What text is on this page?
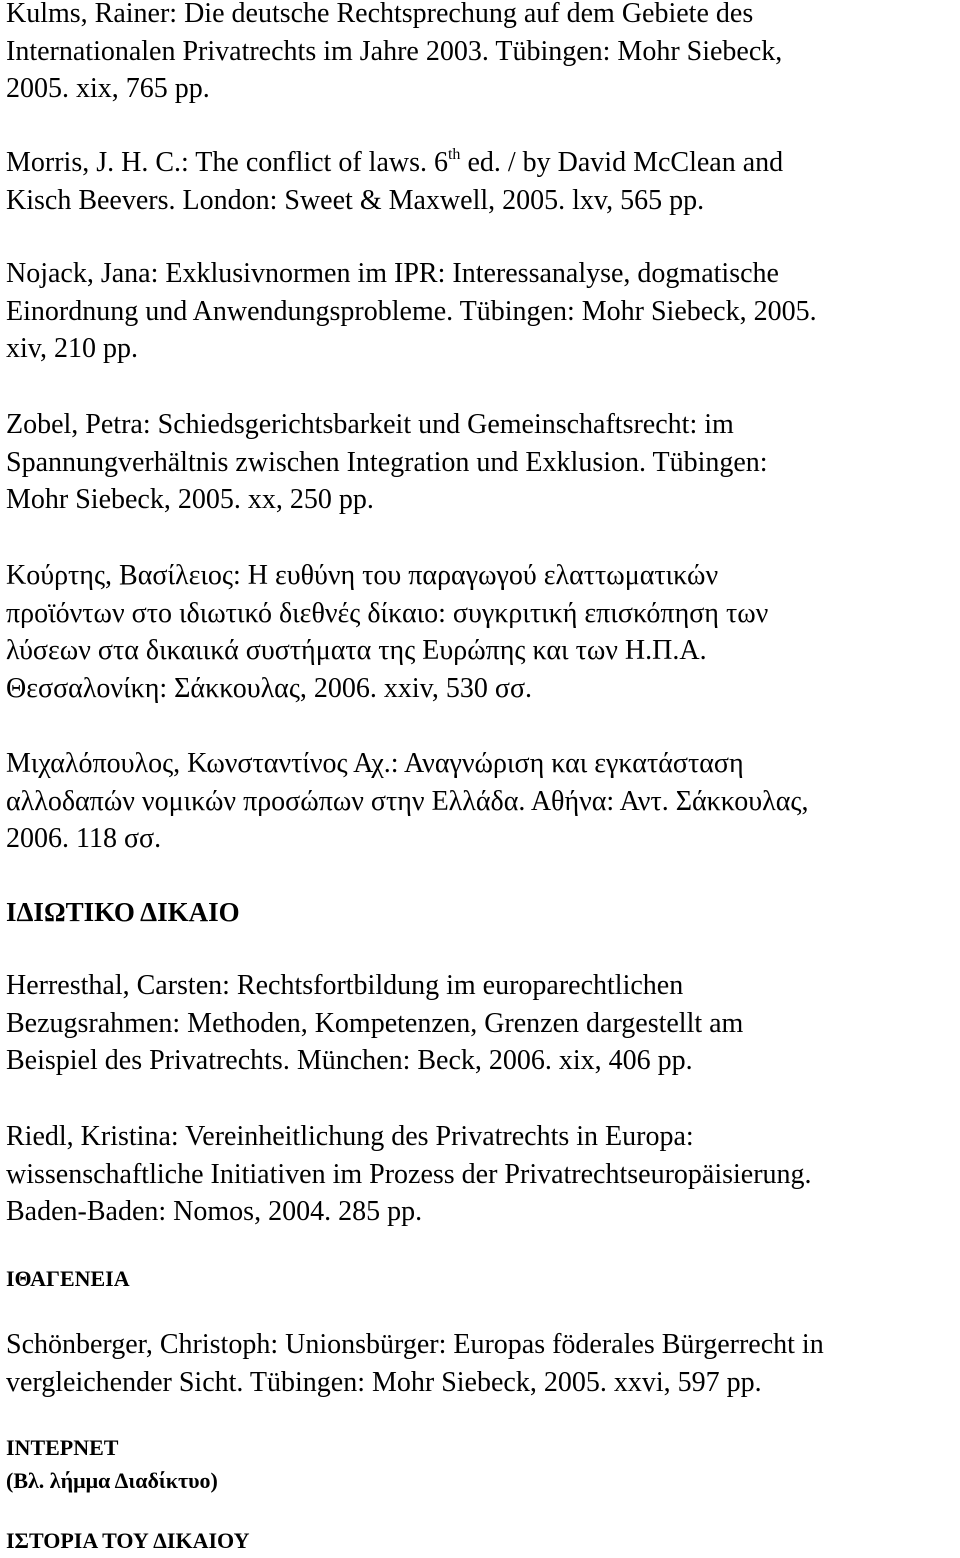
Kulms, Rainer: Die deutsche Rechtsprechung auf dem Gebiete des
Internationalen Privatrechts im Jahre 2003. Tübingen: Mohr Siebeck,
2005. xix, 765 pp.
Morris, J. H. C.: The conflict of laws. 6th ed. / by David McClean and
Kisch Beevers. London: Sweet & Maxwell, 2005. lxv, 565 pp.
Nojack, Jana: Exklusivnormen im IPR: Interessanalyse, dogmatische
Einordnung und Anwendungsprobleme. Tübingen: Mohr Siebeck, 2005.
xiv, 210 pp.
Zobel, Petra: Schiedsgerichtsbarkeit und Gemeinschaftsrecht: im
Spannungverhältnis zwischen Integration und Exklusion. Tübingen:
Mohr Siebeck, 2005. xx, 250 pp.
Κούρτης, Βασίλειος: Η ευθύνη του παραγωγού ελαττωματικών
προϊόντων στο ιδιωτικό διεθνές δίκαιο: συγκριτική επισκόπηση των
λύσεων στα δικαιικά συστήματα της Ευρώπης και των Η.Π.Α.
Θεσσαλονίκη: Σάκκουλας, 2006. xxiv, 530 σσ.
Μιχαλόπουλος, Κωνσταντίνος Αχ.: Αναγνώριση και εγκατάσταση
αλλοδαπών νομικών προσώπων στην Ελλάδα. Αθήνα: Αντ. Σάκκουλας,
2006. 118 σσ.
ΙΔΙΩΤΙΚΟ ΔΙΚΑΙΟ
Herresthal, Carsten: Rechtsfortbildung im europarechtlichen
Bezugsrahmen: Methoden, Kompetenzen, Grenzen dargestellt am
Beispiel des Privatrechts. München: Beck, 2006. xix, 406 pp.
Riedl, Kristina: Vereinheitlichung des Privatrechts in Europa:
wissenschaftliche Initiativen im Prozess der Privatrechtseuropäisierung.
Baden-Baden: Nomos, 2004. 285 pp.
ΙΘΑΓΕΝΕΙΑ
Schönberger, Christoph: Unionsbürger: Europas föderales Bürgerrecht in
vergleichender Sicht. Tübingen: Mohr Siebeck, 2005. xxvi, 597 pp.
ΙΝΤΕΡΝΕΤ
(Βλ. λήμμα Διαδίκτυο)
ΙΣΤΟΡΙΑ ΤΟΥ ΔΙΚΑΙΟΥ
